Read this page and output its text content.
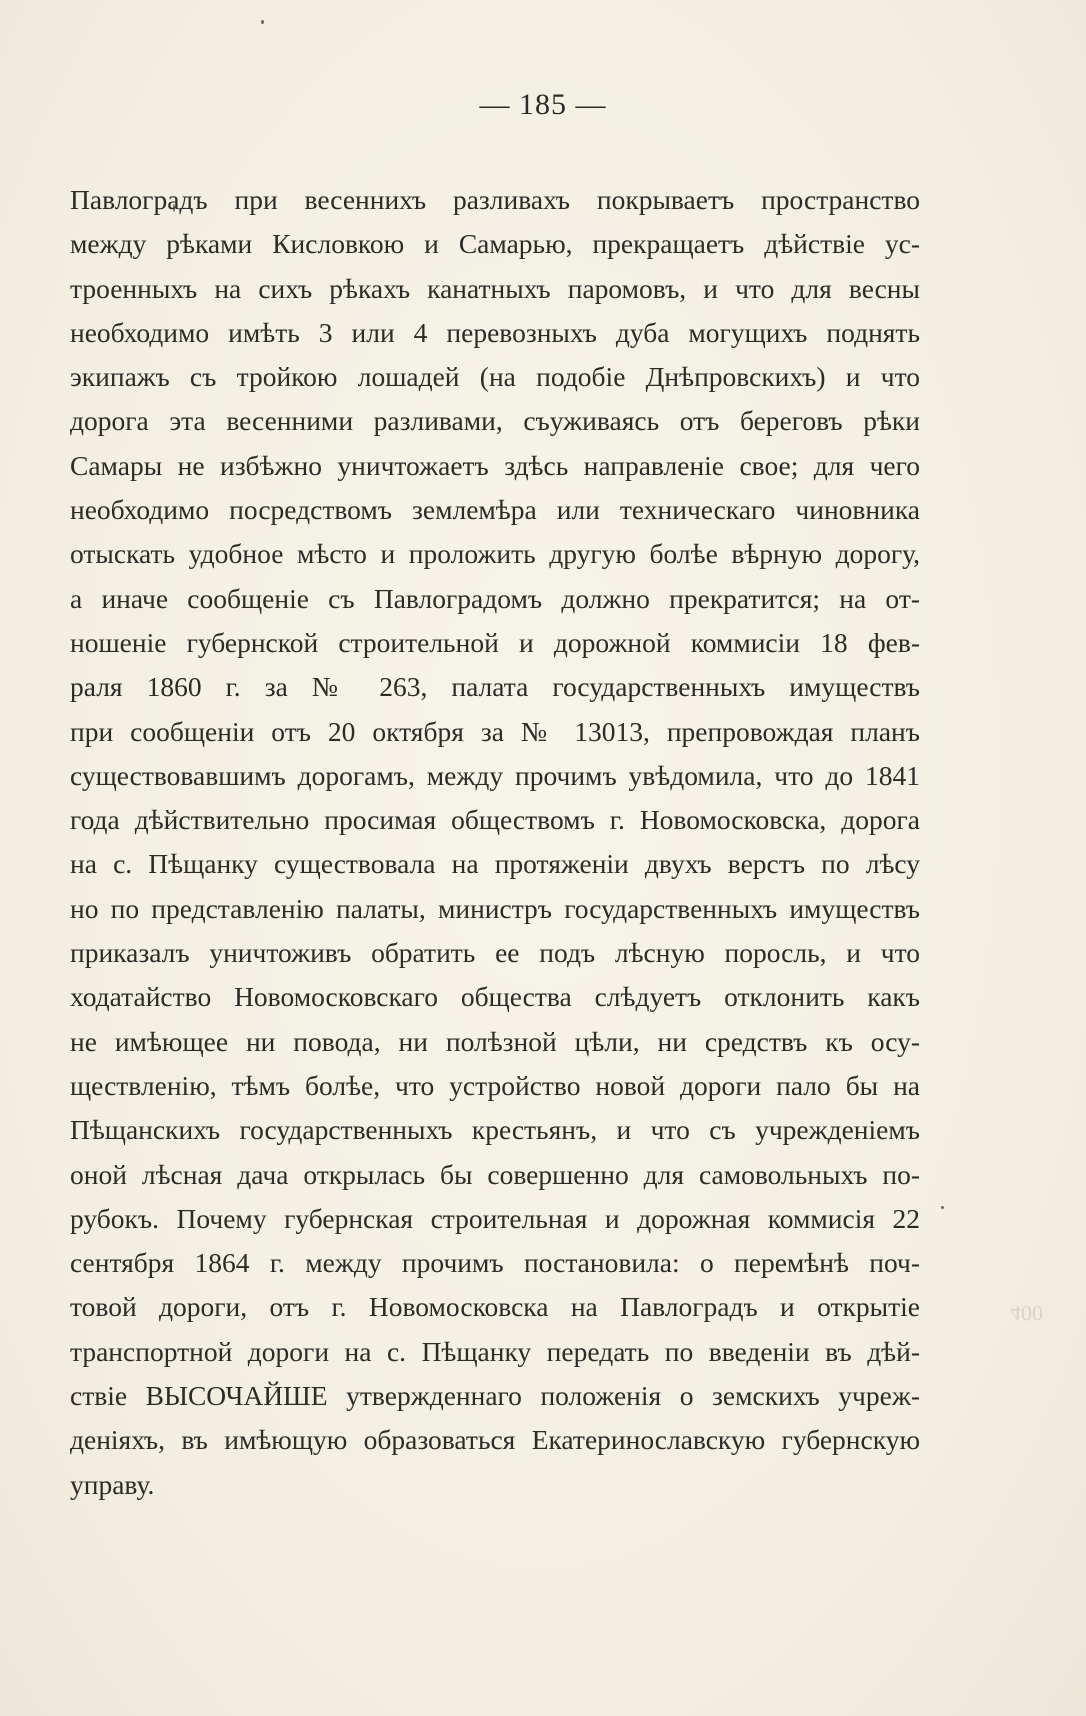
400
— 185 —
Павлоградъ при весеннихъ разливахъ покрываетъ пространство
между рѣками Кисловкою и Самарью, прекращаетъ дѣйствіе ус-
троенныхъ на сихъ рѣкахъ канатныхъ паромовъ, и что для весны
необходимо имѣть 3 или 4 перевозныхъ дуба могущихъ поднять
экипажъ съ тройкою лошадей (на подобіе Днѣпровскихъ) и что
дорога эта весенними разливами, съуживаясь отъ береговъ рѣки
Самары не избѣжно уничтожаетъ здѣсь направленіе свое; для чего
необходимо посредствомъ землемѣра или техническаго чиновника
отыскать удобное мѣсто и проложить другую болѣе вѣрную дорогу,
а иначе сообщеніе съ Павлоградомъ должно прекратится; на от-
ношеніе губернской строительной и дорожной коммисіи 18 фев-
раля 1860 г. за № 263, палата государственныхъ имуществъ
при сообщеніи отъ 20 октября за № 13013, препровождая планъ
существовавшимъ дорогамъ, между прочимъ увѣдомила, что до 1841
года дѣйствительно просимая обществомъ г. Новомосковска, дорога
на с. Пѣщанку существовала на протяженіи двухъ верстъ по лѣсу
но по представленію палаты, министръ государственныхъ имуществъ
приказалъ уничтоживъ обратить ее подъ лѣсную поросль, и что
ходатайство Новомосковскаго общества слѣдуетъ отклонить какъ
не имѣющее ни повода, ни полѣзной цѣли, ни средствъ къ осу-
ществленію, тѣмъ болѣе, что устройство новой дороги пало бы на
Пѣщанскихъ государственныхъ крестьянъ, и что съ учрежденіемъ
оной лѣсная дача открылась бы совершенно для самовольныхъ по-
рубокъ. Почему губернская строительная и дорожная коммисія 22
сентября 1864 г. между прочимъ постановила: о перемѣнѣ поч-
товой дороги, отъ г. Новомосковска на Павлоградъ и открытіе
транспортной дороги на с. Пѣщанку передать по введеніи въ дѣй-
ствіе ВЫСОЧАЙШЕ утвержденнаго положенія о земскихъ учреж-
деніяхъ, въ имѣющую образоваться Екатеринославскую губернскую
управу.
